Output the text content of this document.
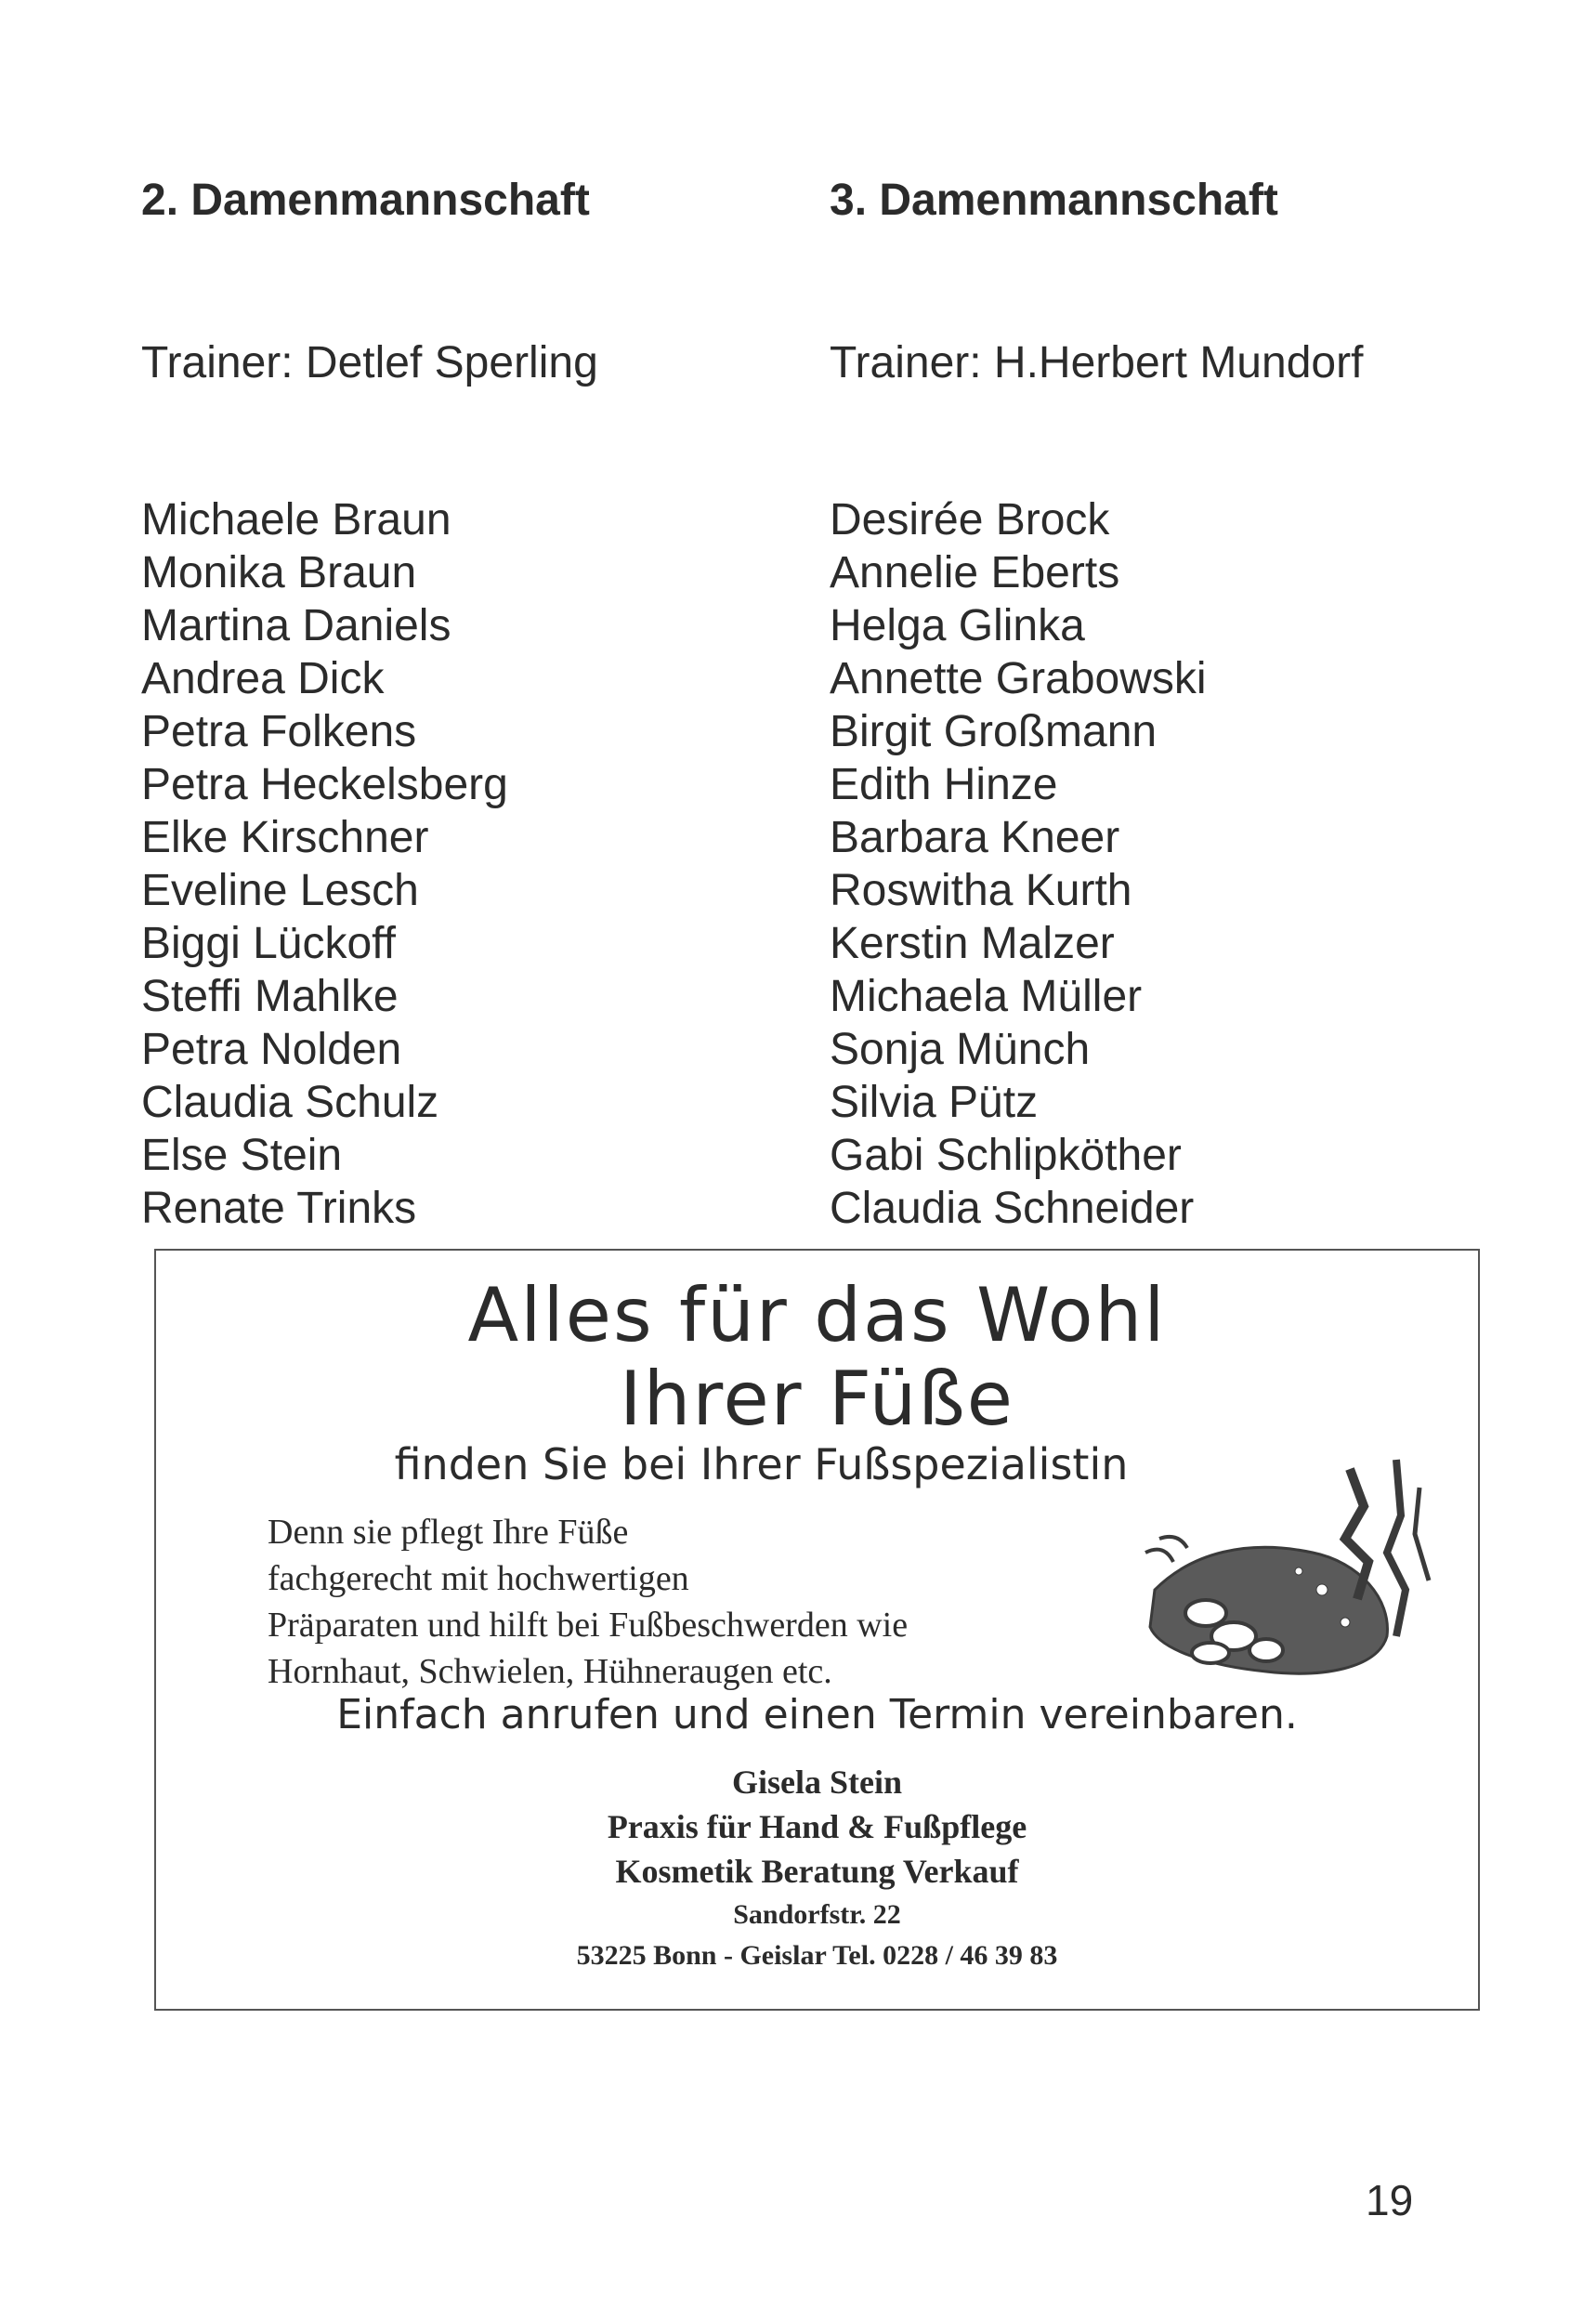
2. Damenmannschaft
Trainer: Detlef Sperling
Michaele Braun
Monika Braun
Martina Daniels
Andrea Dick
Petra Folkens
Petra Heckelsberg
Elke Kirschner
Eveline Lesch
Biggi Lückoff
Steffi Mahlke
Petra Nolden
Claudia Schulz
Else Stein
Renate Trinks
3. Damenmannschaft
Trainer: H.Herbert Mundorf
Desirée Brock
Annelie Eberts
Helga Glinka
Annette Grabowski
Birgit Großmann
Edith Hinze
Barbara Kneer
Roswitha Kurth
Kerstin Malzer
Michaela Müller
Sonja Münch
Silvia Pütz
Gabi Schlipköther
Claudia Schneider
Alles für das Wohl
Ihrer Füße
finden Sie bei Ihrer Fußspezialistin
Denn sie pflegt Ihre Füße
fachgerecht mit hochwertigen
Präparaten und hilft bei Fußbeschwerden wie
Hornhaut, Schwielen, Hühneraugen etc.
Einfach anrufen und einen Termin vereinbaren.
Gisela Stein
Praxis für Hand & Fußpflege
Kosmetik Beratung Verkauf
Sandorfstr. 22
53225 Bonn - Geislar Tel. 0228 / 46 39 83
19
